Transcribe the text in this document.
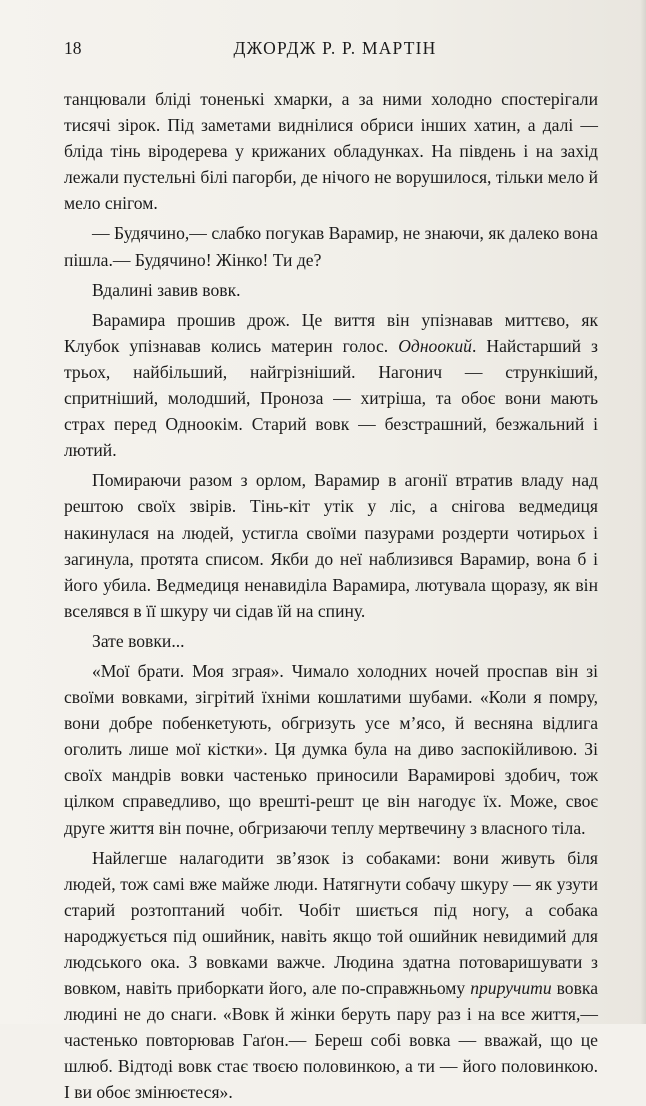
18	ДЖОРДЖ Р. Р. МАРТІН

танцювали бліді тоненькі хмарки, а за ними холодно спостерігали тисячі зірок. Під заметами виднілися обриси інших хатин, а далі — бліда тінь віродерева у крижаних обладунках. На південь і на захід лежали пустельні білі пагорби, де нічого не ворушилося, тільки мело й мело снігом.

— Будячино,— слабко погукав Варамир, не знаючи, як далеко вона пішла.— Будячино! Жінко! Ти де?

Вдалині завив вовк.

Варамира прошив дрож. Це виття він упізнавав миттєво, як Клубок упізнавав колись материн голос. Одноокий. Найстарший з трьох, найбільший, найгрізніший. Нагонич — стрункіший, спритніший, молодший, Проноза — хитріша, та обоє вони мають страх перед Одноокім. Старий вовк — безстрашний, безжальний і лютий.

Помираючи разом з орлом, Варамир в агонії втратив владу над рештою своїх звірів. Тінь-кіт утік у ліс, а снігова ведмедиця накинулася на людей, устигла своїми пазурами роздерти чотирьох і загинула, протята списом. Якби до неї наблизився Варамир, вона б і його убила. Ведмедиця ненавиділа Варамира, лютувала щоразу, як він вселявся в її шкуру чи сідав їй на спину.

Зате вовки...

«Мої брати. Моя зграя». Чимало холодних ночей проспав він зі своїми вовками, зігрітий їхніми кошлатими шубами. «Коли я помру, вони добре побенкетують, обгризуть усе м’ясо, й весняна відлига оголить лише мої кістки». Ця думка була на диво заспокійливою. Зі своїх мандрів вовки частенько приносили Варамирові здобич, тож цілком справедливо, що врешті-решт це він нагодує їх. Може, своє друге життя він почне, обгризаючи теплу мертвечину з власного тіла.

Найлегше налагодити зв’язок із собаками: вони живуть біля людей, тож самі вже майже люди. Натягнути собачу шкуру — як узути старий розтоптаний чобіт. Чобіт шиється під ногу, а собака народжується під ошийник, навіть якщо той ошийник невидимий для людського ока. З вовками важче. Людина здатна потоваришувати з вовком, навіть приборкати його, але по-справжньому приручити вовка людині не до снаги. «Вовк й жінки беруть пару раз і на все життя,— частенько повторював Гаґон.— Береш собі вовка — вважай, що це шлюб. Відтоді вовк стає твоєю половинкою, а ти — його половинкою. І ви обоє змінюєтеся».
